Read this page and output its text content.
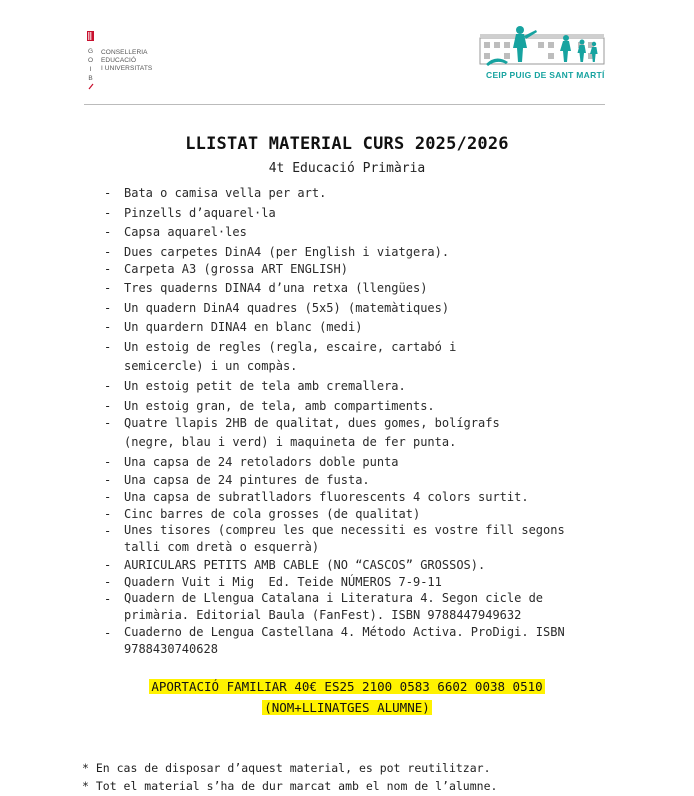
G
O
I
B
CONSELLERIA
EDUCACIÓ
I UNIVERSITATS
CEIP PUIG DE SANT MARTÍ
LLISTAT MATERIAL CURS 2025/2026
4t Educació Primària
- Bata o camisa vella per art.
- Pinzells d’aquarel·la
- Capsa aquarel·les
- Dues carpetes DinA4 (per English i viatgera).
- Carpeta A3 (grossa ART ENGLISH)
- Tres quaderns DINA4 d’una retxa (llengües)
- Un quadern DinA4 quadres (5x5) (matemàtiques)
- Un quardern DINA4 en blanc (medi)
- Un estoig de regles (regla, escaire, cartabó i
semicercle) i un compàs.
- Un estoig petit de tela amb cremallera.
- Un estoig gran, de tela, amb compartiments.
- Quatre llapis 2HB de qualitat, dues gomes, bolígrafs
(negre, blau i verd) i maquineta de fer punta.
- Una capsa de 24 retoladors doble punta
- Una capsa de 24 pintures de fusta.
- Una capsa de subratlladors fluorescents 4 colors surtit.
- Cinc barres de cola grosses (de qualitat)
- Unes tisores (compreu les que necessiti es vostre fill segons
talli com dretà o esquerrà)
- AURICULARS PETITS AMB CABLE (NO “CASCOS” GROSSOS).
- Quadern Vuit i Mig  Ed. Teide NÚMEROS 7-9-11
- Quadern de Llengua Catalana i Literatura 4. Segon cicle de
primària. Editorial Baula (FanFest). ISBN 9788447949632
- Cuaderno de Lengua Castellana 4. Método Activa. ProDigi. ISBN
9788430740628
APORTACIÓ FAMILIAR 40€ ES25 2100 0583 6602 0038 0510
(NOM+LLINATGES ALUMNE)
* En cas de disposar d’aquest material, es pot reutilitzar.
* Tot el material s’ha de dur marcat amb el nom de l’alumne.
